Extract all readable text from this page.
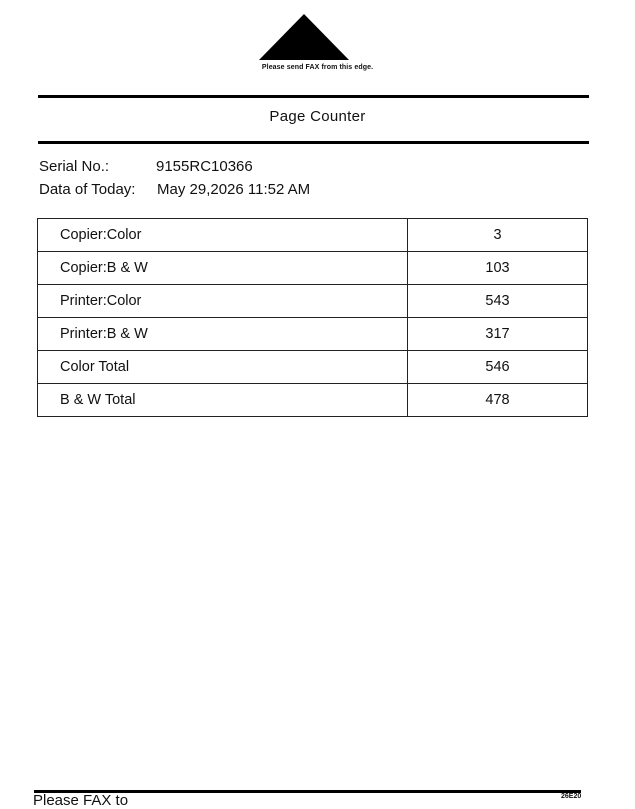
Please send FAX from this edge.
Page Counter
Serial No.:	9155RC10366
Data of Today: May 29,2026 11:52 AM
Copier:Color	3
Copier:B & W	103
Printer:Color	543
Printer:B & W	317
Color Total	546
B & W Total	478
Please FAX to	26E20
